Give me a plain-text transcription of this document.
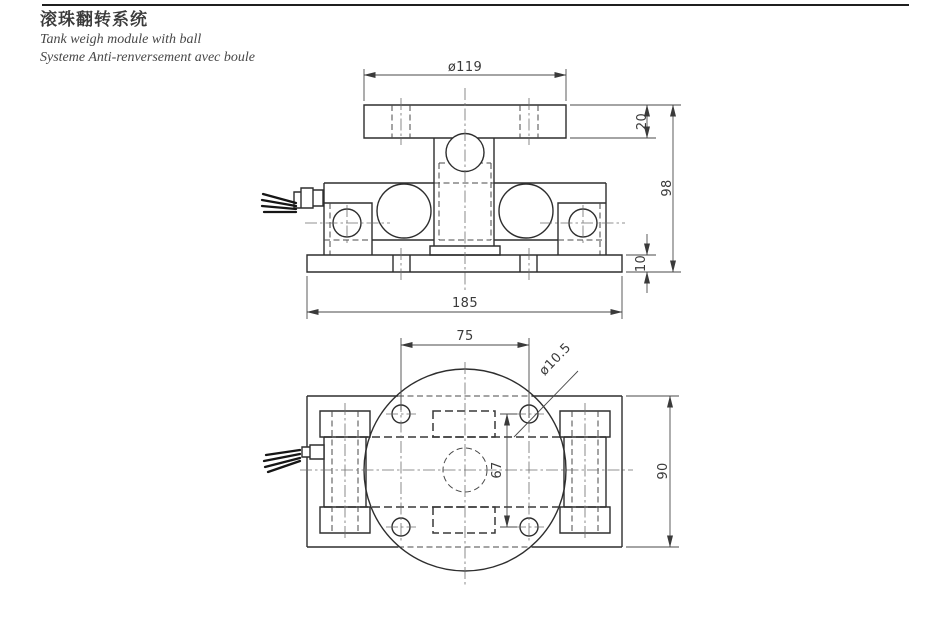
滚珠翻转系统

Tank weigh module with ball

Systeme Anti-renversement avec boule

ø119
20
98
10
185
75
ø10.5
67	90
